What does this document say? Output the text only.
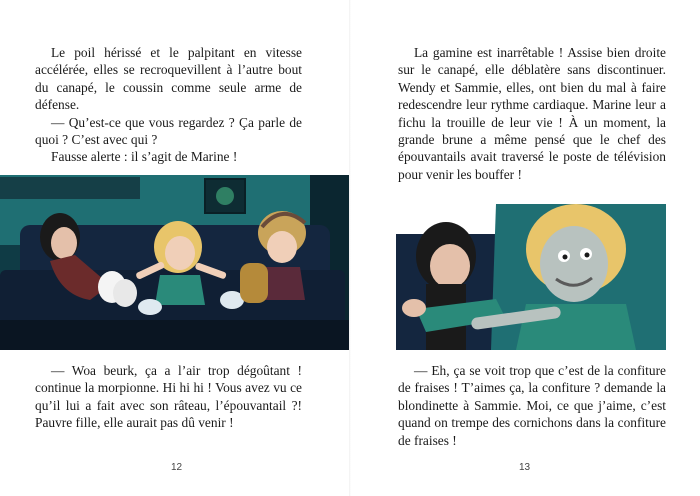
Le poil hérissé et le palpitant en vitesse accélérée, elles se recroquevillent à l’autre bout du canapé, le coussin comme seule arme de défense.

— Qu’est-ce que vous regardez ? Ça parle de quoi ? C’est avec qui ?

Fausse alerte : il s’agit de Marine !

— Woa beurk, ça a l’air trop dégoûtant ! continue la morpionne. Hi hi hi ! Vous avez vu ce qu’il lui a fait avec son râteau, l’épouvantail ?! Pauvre fille, elle aurait pas dû venir !

12

La gamine est inarrêtable ! Assise bien droite sur le canapé, elle déblatère sans discontinuer. Wendy et Sammie, elles, ont bien du mal à faire redescendre leur rythme cardiaque. Marine leur a fichu la trouille de leur vie ! À un moment, la grande brune a même pensé que le chef des épouvantails avait traversé le poste de télévision pour venir les bouffer !

— Eh, ça se voit trop que c’est de la confiture de fraises ! T’aimes ça, la confiture ? demande la blondinette à Sammie. Moi, ce que j’aime, c’est quand on trempe des cornichons dans la confiture de fraises !

13
